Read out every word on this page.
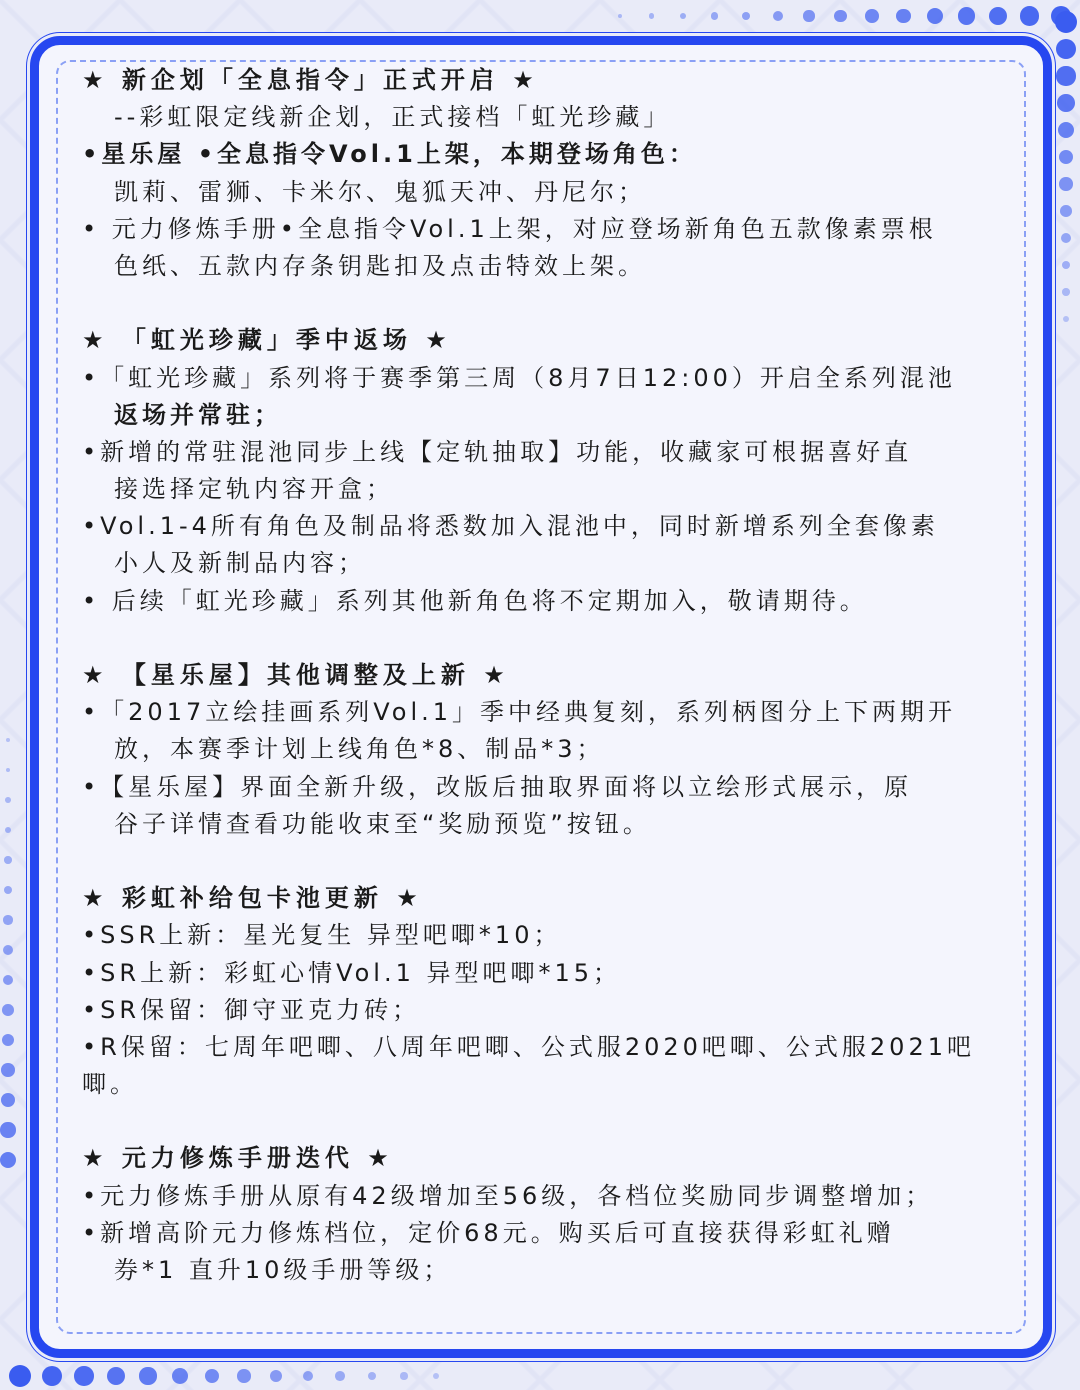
★ 新企划「全息指令」正式开启 ★
--彩虹限定线新企划，正式接档「虹光珍藏」
•星乐屋 •全息指令Vol.1上架，本期登场角色：
凯莉、雷狮、卡米尔、鬼狐天冲、丹尼尔；
• 元力修炼手册•全息指令Vol.1上架，对应登场新角色五款像素票根
色纸、五款内存条钥匙扣及点击特效上架。
★ 「虹光珍藏」季中返场 ★
•「虹光珍藏」系列将于赛季第三周（8月7日12:00）开启全系列混池
返场并常驻；
•新增的常驻混池同步上线【定轨抽取】功能，收藏家可根据喜好直
接选择定轨内容开盒；
•Vol.1-4所有角色及制品将悉数加入混池中，同时新增系列全套像素
小人及新制品内容；
• 后续「虹光珍藏」系列其他新角色将不定期加入，敬请期待。
★ 【星乐屋】其他调整及上新 ★
•「2017立绘挂画系列Vol.1」季中经典复刻，系列柄图分上下两期开
放，本赛季计划上线角色*8、制品*3；
•【星乐屋】界面全新升级，改版后抽取界面将以立绘形式展示，原
谷子详情查看功能收束至“奖励预览”按钮。
★ 彩虹补给包卡池更新 ★
•SSR上新：星光复生 异型吧唧*10；
•SR上新：彩虹心情Vol.1 异型吧唧*15；
•SR保留：御守亚克力砖；
•R保留：七周年吧唧、八周年吧唧、公式服2020吧唧、公式服2021吧
唧。
★ 元力修炼手册迭代 ★
•元力修炼手册从原有42级增加至56级，各档位奖励同步调整增加；
•新增高阶元力修炼档位，定价68元。购买后可直接获得彩虹礼赠
券*1 直升10级手册等级；
